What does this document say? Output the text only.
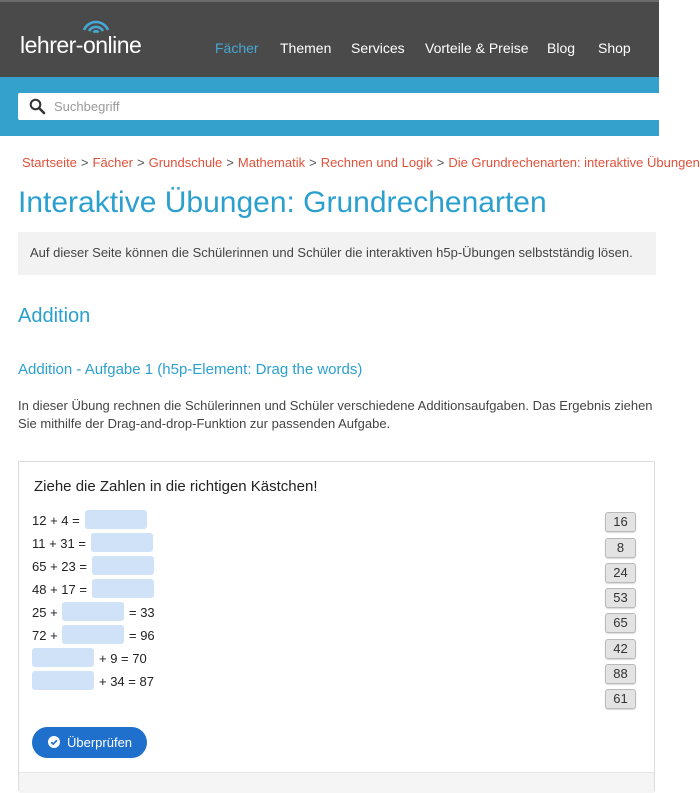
lehrer-online	Fächer Themen Services Vorteile & Preise Blog Shop
Suchbegriff
Startseite > Fächer > Grundschule > Mathematik > Rechnen und Logik > Die Grundrechenarten: interaktive Übungen
Interaktive Übungen: Grundrechenarten
Auf dieser Seite können die Schülerinnen und Schüler die interaktiven h5p-Übungen selbstständig lösen.
Addition
Addition - Aufgabe 1 (h5p-Element: Drag the words)
In dieser Übung rechnen die Schülerinnen und Schüler verschiedene Additionsaufgaben. Das Ergebnis ziehen Sie mithilfe der Drag-and-drop-Funktion zur passenden Aufgabe.
Ziehe die Zahlen in die richtigen Kästchen!
12 + 4 =
11 + 31 =
65 + 23 =
48 + 17 =
25 +	= 33
72 +	= 96
+ 9 = 70
+ 34 = 87
16
8
24
53
65
42
88
61
Überprüfen
